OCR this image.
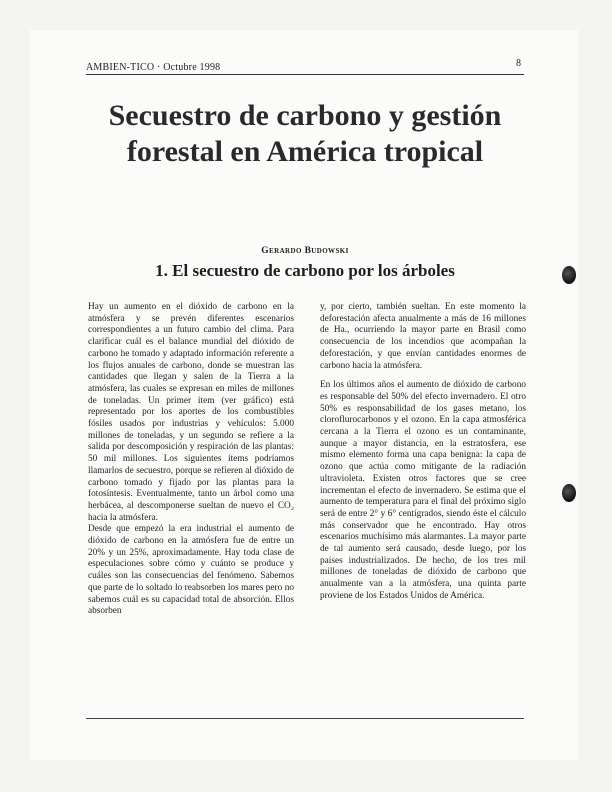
AMBIEN-TICO · Octubre 1998	8
Secuestro de carbono y gestión forestal en América tropical
Gerardo Budowski
1. El secuestro de carbono por los árboles

Hay un aumento en el dióxido de carbono en la atmósfera y se prevén diferentes escenarios correspondientes a un futuro cambio del clima. Para clarificar cuál es el balance mundial del dióxido de carbono he tomado y adaptado información referente a los flujos anuales de carbono, donde se muestran las cantidades que llegan y salen de la Tierra a la atmósfera, las cuales se expresan en miles de millones de toneladas. Un primer ítem (ver gráfico) está representado por los aportes de los combustibles fósiles usados por industrias y vehículos: 5.000 millones de toneladas, y un segundo se refiere a la salida por descomposición y respiración de las plantas: 50 mil millones. Los siguientes ítems podríamos llamarlos de secuestro, porque se refieren al dióxido de carbono tomado y fijado por las plantas para la fotosíntesis. Eventualmente, tanto un árbol como una herbácea, al descomponerse sueltan de nuevo el CO₂ hacia la atmósfera.

Desde que empezó la era industrial el aumento de dióxido de carbono en la atmósfera fue de entre un 20% y un 25%, aproximadamente. Hay toda clase de especulaciones sobre cómo y cuánto se produce y cuáles son las consecuencias del fenómeno. Sabemos que parte de lo soltado lo reabsorben los mares pero no sabemos cuál es su capacidad total de absorción. Ellos absorben

y, por cierto, también sueltan. En este momento la deforestación afecta anualmente a más de 16 millones de Ha., ocurriendo la mayor parte en Brasil como consecuencia de los incendios que acompañan la deforestación, y que envían cantidades enormes de carbono hacia la atmósfera.

En los últimos años el aumento de dióxido de carbono es responsable del 50% del efecto invernadero. El otro 50% es responsabilidad de los gases metano, los cloroflurocarbonos y el ozono. En la capa atmosférica cercana a la Tierra el ozono es un contaminante, aunque a mayor distancia, en la estratosfera, ese mismo elemento forma una capa benigna: la capa de ozono que actúa como mitigante de la radiación ultravioleta. Existen otros factores que se cree incrementan el efecto de invernadero. Se estima que el aumento de temperatura para el final del próximo siglo será de entre 2° y 6° centígrados, siendo éste el cálculo más conservador que he encontrado. Hay otros escenarios muchísimo más alarmantes. La mayor parte de tal aumento será causado, desde luego, por los países industrializados. De hecho, de los tres mil millones de toneladas de dióxido de carbono que anualmente van a la atmósfera, una quinta parte proviene de los Estados Unidos de América.
